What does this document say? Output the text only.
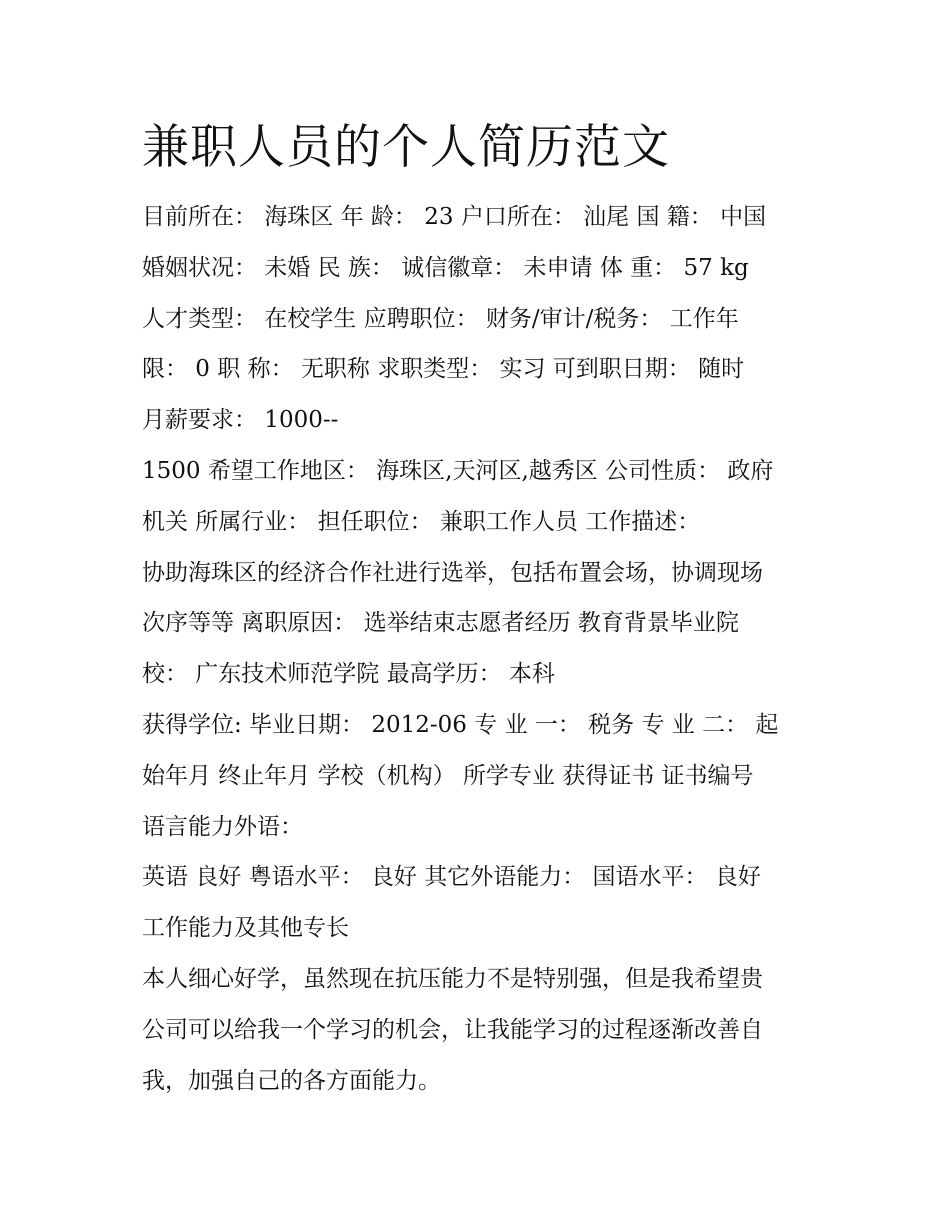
兼职人员的个人简历范文
目前所在： 海珠区 年 龄： 23 户口所在： 汕尾 国 籍： 中国
婚姻状况： 未婚 民 族： 诚信徽章： 未申请 体 重： 57 kg
人才类型： 在校学生 应聘职位： 财务/审计/税务： 工作年
限： 0 职 称： 无职称 求职类型： 实习 可到职日期： 随时
月薪要求： 1000--
1500 希望工作地区： 海珠区,天河区,越秀区 公司性质： 政府
机关 所属行业： 担任职位： 兼职工作人员 工作描述：
协助海珠区的经济合作社进行选举，包括布置会场，协调现场
次序等等 离职原因： 选举结束志愿者经历 教育背景毕业院
校： 广东技术师范学院 最高学历： 本科
获得学位: 毕业日期： 2012-06 专 业 一： 税务 专 业 二： 起
始年月 终止年月 学校（机构） 所学专业 获得证书 证书编号
语言能力外语：
英语 良好 粤语水平： 良好 其它外语能力： 国语水平： 良好
工作能力及其他专长
本人细心好学，虽然现在抗压能力不是特别强，但是我希望贵
公司可以给我一个学习的机会，让我能学习的过程逐渐改善自
我，加强自己的各方面能力。
